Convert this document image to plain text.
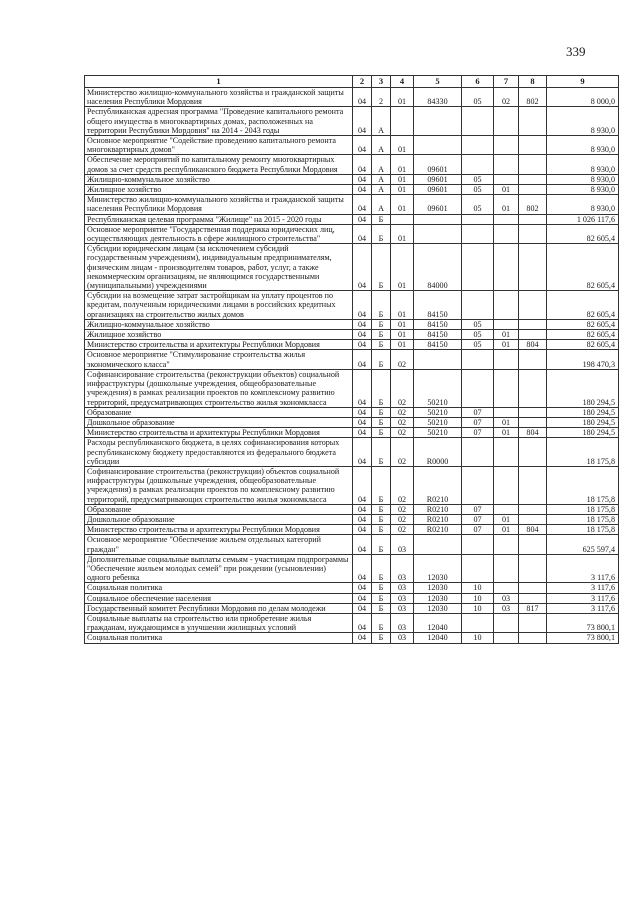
339
1	2	3	4	5	6	7	8	9
Министерство жилищно-коммунального хозяйства и гражданской защиты населения Республики Мордовия	04	2	01	84330	05	02	802	8 000,0
Республиканская адресная программа "Проведение капитального ремонта общего имущества в многоквартирных домах, расположенных на территории Республики Мордовия" на 2014 - 2043 годы	04	А						8 930,0
Основное мероприятие "Содействие проведению капитального ремонта многоквартирных домов"	04	А	01					8 930,0
Обеспечение мероприятий по капитальному ремонту многоквартирных домов за счет средств республиканского бюджета Республики Мордовия	04	А	01	09601				8 930,0
Жилищно-коммунальное хозяйство	04	А	01	09601	05			8 930,0
Жилищное хозяйство	04	А	01	09601	05	01		8 930,0
Министерство жилищно-коммунального хозяйства и гражданской защиты населения Республики Мордовия	04	А	01	09601	05	01	802	8 930,0
Республиканская целевая программа "Жилище" на 2015 - 2020 годы	04	Б						1 026 117,6
Основное мероприятие "Государственная поддержка юридических лиц, осуществляющих деятельность в сфере жилищного строительства"	04	Б	01					82 605,4
Субсидии юридическим лицам (за исключением субсидий государственным учреждениям), индивидуальным предпринимателям, физическим лицам - производителям товаров, работ, услуг, а также некоммерческим организациям, не являющимся государственными (муниципальными) учреждениями	04	Б	01	84000				82 605,4
Субсидии на возмещение затрат застройщикам на уплату процентов по кредитам, полученным юридическими лицами в российских кредитных организациях на строительство жилых домов	04	Б	01	84150				82 605,4
Жилищно-коммунальное хозяйство	04	Б	01	84150	05			82 605,4
Жилищное хозяйство	04	Б	01	84150	05	01		82 605,4
Министерство строительства и архитектуры Республики Мордовия	04	Б	01	84150	05	01	804	82 605,4
Основное мероприятие "Стимулирование строительства жилья экономического класса"	04	Б	02					198 470,3
Софинансирование строительства (реконструкции объектов) социальной инфраструктуры (дошкольные учреждения, общеобразовательные учреждения) в рамках реализации проектов по комплексному развитию территорий, предусматривающих строительство жилья экономкласса	04	Б	02	50210				180 294,5
Образование	04	Б	02	50210	07			180 294,5
Дошкольное образование	04	Б	02	50210	07	01		180 294,5
Министерство строительства и архитектуры Республики Мордовия	04	Б	02	50210	07	01	804	180 294,5
Расходы республиканского бюджета, в целях софинансирования которых республиканскому бюджету предоставляются из федерального бюджета субсидии	04	Б	02	R0000				18 175,8
Софинансирование строительства (реконструкции) объектов социальной инфраструктуры (дошкольные учреждения, общеобразовательные учреждения) в рамках реализации проектов по комплексному развитию территорий, предусматривающих строительство жилья экономкласса	04	Б	02	R0210				18 175,8
Образование	04	Б	02	R0210	07			18 175,8
Дошкольное образование	04	Б	02	R0210	07	01		18 175,8
Министерство строительства и архитектуры Республики Мордовия	04	Б	02	R0210	07	01	804	18 175,8
Основное мероприятие "Обеспечение жильем отдельных категорий граждан"	04	Б	03					625 597,4
Дополнительные социальные выплаты семьям - участницам подпрограммы "Обеспечение жильем молодых семей" при рождении (усыновлении) одного ребенка	04	Б	03	12030				3 117,6
Социальная политика	04	Б	03	12030	10			3 117,6
Социальное обеспечение населения	04	Б	03	12030	10	03		3 117,6
Государственный комитет Республики Мордовия по делам молодежи	04	Б	03	12030	10	03	817	3 117,6
Социальные выплаты на строительство или приобретение жилья гражданам, нуждающимся в улучшении жилищных условий	04	Б	03	12040				73 800,1
Социальная политика	04	Б	03	12040	10			73 800,1
